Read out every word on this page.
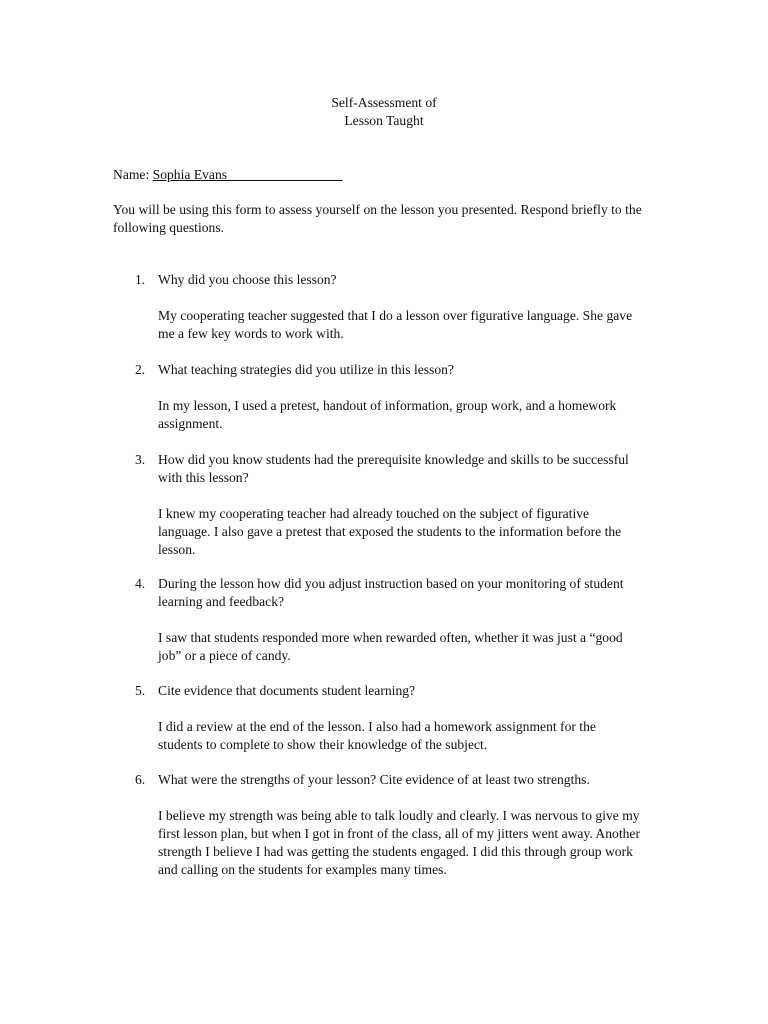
Self-Assessment of
Lesson Taught
Name: Sophia Evans_________________
You will be using this form to assess yourself on the lesson you presented. Respond briefly to the following questions.
1. Why did you choose this lesson?
My cooperating teacher suggested that I do a lesson over figurative language. She gave me a few key words to work with.
2. What teaching strategies did you utilize in this lesson?
In my lesson, I used a pretest, handout of information, group work, and a homework assignment.
3. How did you know students had the prerequisite knowledge and skills to be successful with this lesson?
I knew my cooperating teacher had already touched on the subject of figurative language. I also gave a pretest that exposed the students to the information before the lesson.
4. During the lesson how did you adjust instruction based on your monitoring of student learning and feedback?
I saw that students responded more when rewarded often, whether it was just a “good job” or a piece of candy.
5. Cite evidence that documents student learning?
I did a review at the end of the lesson. I also had a homework assignment for the students to complete to show their knowledge of the subject.
6. What were the strengths of your lesson? Cite evidence of at least two strengths.
I believe my strength was being able to talk loudly and clearly. I was nervous to give my first lesson plan, but when I got in front of the class, all of my jitters went away. Another strength I believe I had was getting the students engaged. I did this through group work and calling on the students for examples many times.
